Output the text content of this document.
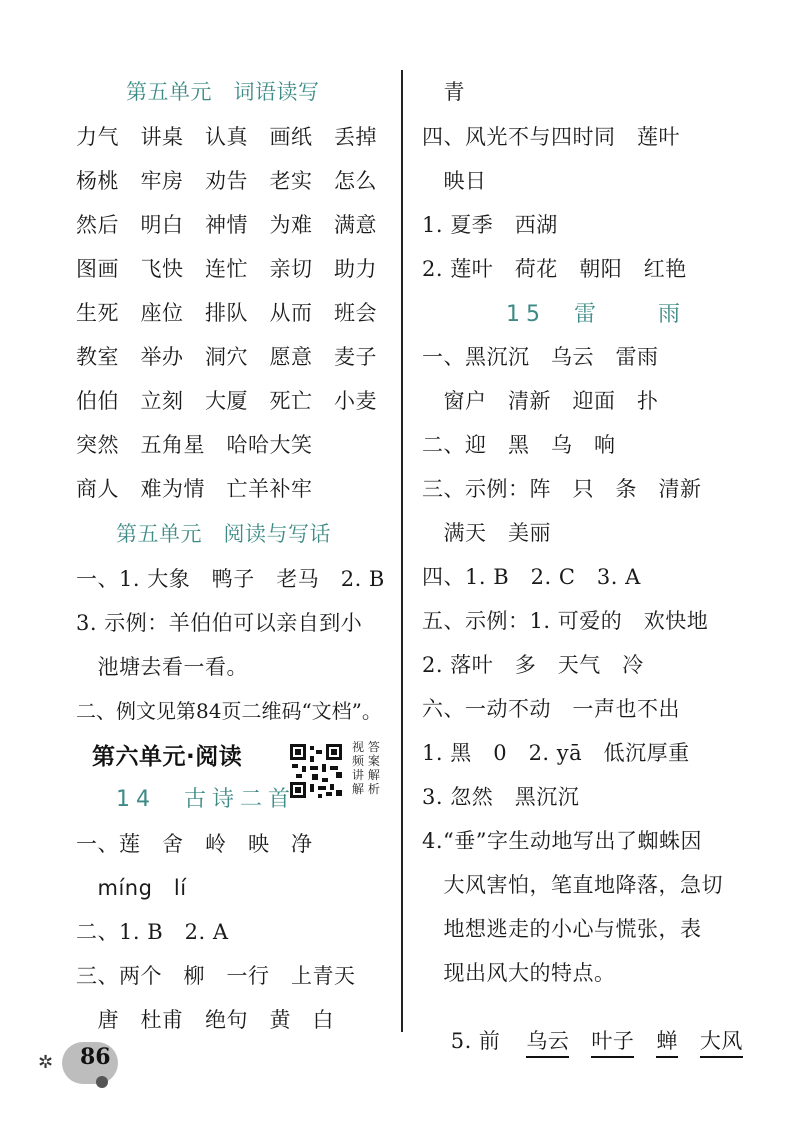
第五单元　词语读写
力气　讲桌　认真　画纸　丢掉
杨桃　牢房　劝告　老实　怎么
然后　明白　神情　为难　满意
图画　飞快　连忙　亲切　助力
生死　座位　排队　从而　班会
教室　举办　洞穴　愿意　麦子
伯伯　立刻　大厦　死亡　小麦
突然　五角星　哈哈大笑
商人　难为情　亡羊补牢
第五单元　阅读与写话
一、1. 大象　鸭子　老马　2. B
3. 示例：羊伯伯可以亲自到小
　池塘去看一看。
二、例文见第84页二维码“文档”。
第六单元·阅读	视 答
频 案
讲 解
解 析
14　古诗二首
一、莲　舍　岭　映　净
　míng　lí
二、1. B　2. A
三、两个　柳　一行　上青天
　唐　杜甫　绝句　黄　白
✲ 86
　青
四、风光不与四时同　莲叶
　映日
1. 夏季　西湖
2. 莲叶　荷花　朝阳　红艳
15　雷　　雨
一、黑沉沉　乌云　雷雨
　窗户　清新　迎面　扑
二、迎　黑　乌　响
三、示例：阵　只　条　清新
　满天　美丽
四、1. B　2. C　3. A
五、示例：1. 可爱的　欢快地
2. 落叶　多　天气　冷
六、一动不动　一声也不出
1. 黑　0　2. yā　低沉厚重
3. 忽然　黑沉沉
4.“垂”字生动地写出了蜘蛛因
　大风害怕，笔直地降落，急切
　地想逃走的小心与慌张，表
　现出风大的特点。

5. 前 乌云 叶子 蝉 大风
